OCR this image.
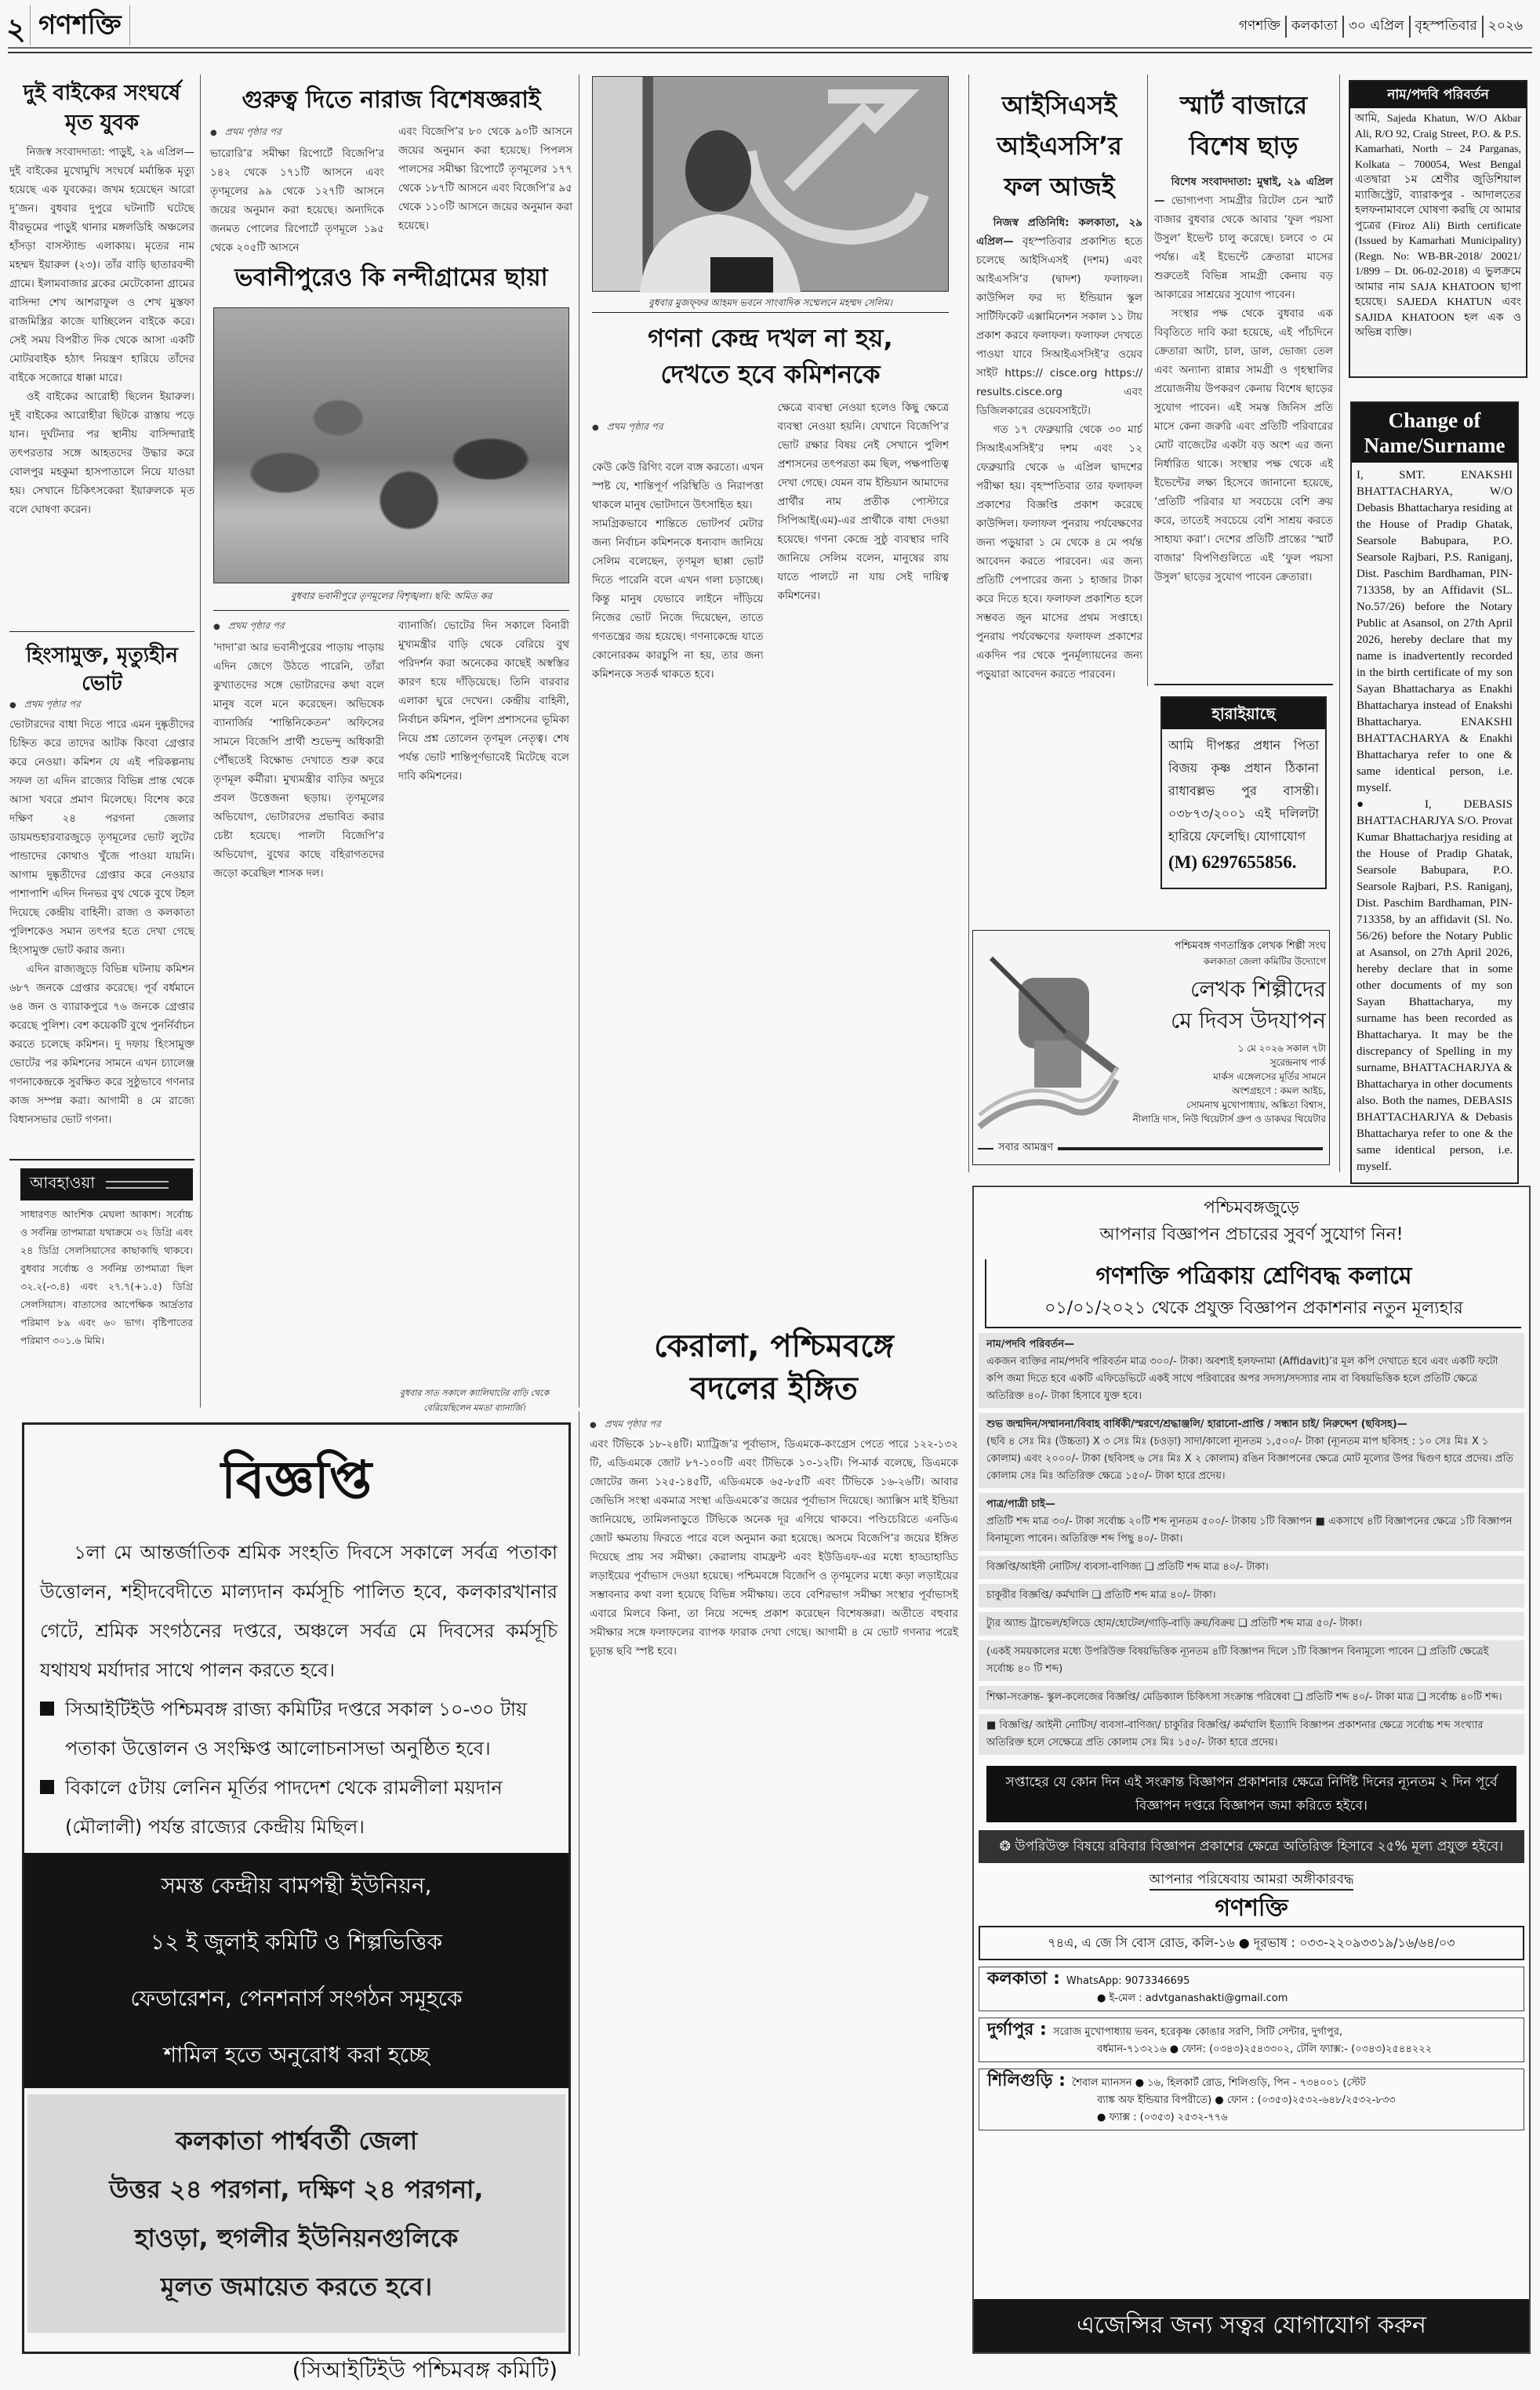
২ গণশক্তি	গণশক্তি কলকাতা ৩০ এপ্রিল বৃহস্পতিবার ২০২৬
দুই বাইকের সংঘর্ষে মৃত যুবক

নিজস্ব সংবাদদাতা: পাড়ুই, ২৯ এপ্রিল— দুই বাইকের মুখোমুখি সংঘর্ষে মর্মান্তিক মৃত্যু হয়েছে এক যুবকের। জখম হয়েছেন আরো দু’জন। বুধবার দুপুরে ঘটনাটি ঘটেছে বীরভূমের পাড়ুই থানার মঙ্গলডিহি অঞ্চলের হাঁসড়া বাসস্ট্যান্ড এলাকায়। মৃতের নাম মহম্মদ ইয়ারুল (২৩)। তাঁর বাড়ি ছাতারবন্দী গ্রামে। ইলামবাজার ব্লকের মেটেকোনা গ্রামের বাসিন্দা শেখ আশরাফুল ও শেখ মুস্তফা রাজমিস্ত্রির কাজে যাচ্ছিলেন বাইকে করে। সেই সময় বিপরীত দিক থেকে আসা একটি মোটরবাইক হঠাৎ নিয়ন্ত্রণ হারিয়ে তাঁদের বাইকে সজোরে ধাক্কা মারে।

ওই বাইকের আরোহী ছিলেন ইয়ারুল। দুই বাইকের আরোহীরা ছিটকে রাস্তায় পড়ে যান। দুর্ঘটনার পর স্থানীয় বাসিন্দারাই তৎপরতার সঙ্গে আহতদের উদ্ধার করে বোলপুর মহকুমা হাসপাতালে নিয়ে যাওয়া হয়। সেখানে চিকিৎসকেরা ইয়ারুলকে মৃত বলে ঘোষণা করেন।

হিংসামুক্ত, মৃত্যুহীন ভোট
● প্রথম পৃষ্ঠার পর

ভোটারদের বাধা দিতে পারে এমন দুষ্কৃতীদের চিহ্নিত করে তাদের আটক কিংবা গ্রেপ্তার করে নেওয়া। কমিশন যে এই পরিকল্পনায় সফল তা এদিন রাজ্যের বিভিন্ন প্রান্ত থেকে আসা খবরে প্রমাণ মিলেছে। বিশেষ করে দক্ষিণ ২৪ পরগনা জেলার ডায়মন্ডহারবারজুড়ে তৃণমূলের ভোট লুটের পান্ডাদের কোথাও খুঁজে পাওয়া যায়নি। আগাম দুষ্কৃতীদের গ্রেপ্তার করে নেওয়ার পাশাপাশি এদিন দিনভর বুথ থেকে বুথে টহল দিয়েছে কেন্দ্রীয় বাহিনী। রাজ্য ও কলকাতা পুলিশকেও সমান তৎপর হতে দেখা গেছে হিংসামুক্ত ভোট করার জন্য।

এদিন রাজ্যজুড়ে বিভিন্ন ঘটনায় কমিশন ৬৮৭ জনকে গ্রেপ্তার করেছে। পূর্ব বর্ধমানে ৬৪ জন ও ব্যারাকপুরে ৭৬ জনকে গ্রেপ্তার করেছে পুলিশ। বেশ কয়েকটি বুথে পুনর্নির্বাচন করতে চলেছে কমিশন। দু দফায় হিংসামুক্ত ভোটের পর কমিশনের সামনে এখন চ্যালেঞ্জ গণনাকেন্দ্রকে সুরক্ষিত করে সুষ্ঠুভাবে গণনার কাজ সম্পন্ন করা। আগামী ৪ মে রাজ্যে বিধানসভার ভোট গণনা।

আবহাওয়া
সাধারণত আংশিক মেঘলা আকাশ। সর্বোচ্চ ও সর্বনিম্ন তাপমাত্রা যথাক্রমে ৩২ ডিগ্রি এবং ২৪ ডিগ্রি সেলসিয়াসের কাছাকাছি থাকবে। বুধবার সর্বোচ্চ ও সর্বনিম্ন তাপমাত্রা ছিল ৩২.২(-৩.৪) এবং ২৭.৭(+১.৫) ডিগ্রি সেলসিয়াস। বাতাসের আপেক্ষিক আর্দ্রতার পরিমাণ ৮৯ এবং ৬০ ভাগ। বৃষ্টিপাতের পরিমাণ ৩০১.৬ মিমি।
গুরুত্ব দিতে নারাজ বিশেষজ্ঞরাই
● প্রথম পৃষ্ঠার পর
ভারোরি’র সমীক্ষা রিপোর্টে বিজেপি’র ১৪২ থেকে ১৭১টি আসনে এবং তৃণমূলের ৯৯ থেকে ১২৭টি আসনে জয়ের অনুমান করা হয়েছে। অন্যদিকে জনমত পোলের রিপোর্টে তৃণমূলে ১৯৫ থেকে ২০৫টি আসনে
এবং বিজেপি’র ৮০ থেকে ৯০টি আসনে জয়ের অনুমান করা হয়েছে। পিপলস পালসের সমীক্ষা রিপোর্টে তৃণমূলের ১৭৭ থেকে ১৮৭টি আসনে এবং বিজেপি’র ৯৫ থেকে ১১০টি আসনে জয়ের অনুমান করা হয়েছে।
ভবানীপুরেও কি নন্দীগ্রামের ছায়া
বুধবার ভবানীপুরে তৃণমূলের বিশৃঙ্খলা। ছবি: অমিত কর
● প্রথম পৃষ্ঠার পর
‘দাদা’রা আর ভবানীপুরের পাড়ায় পাড়ায় এদিন জেগে উঠতে পারেনি, তাঁরা কুখ্যাতদের সঙ্গে ভোটারদের কথা বলে মানুষ বলে মনে করেছেন। অভিষেক ব্যানার্জির ‘শান্তিনিকেতন’ অফিসের সামনে বিজেপি প্রার্থী শুভেন্দু অধিকারী পৌঁছতেই বিক্ষোভ দেখাতে শুরু করে তৃণমূল কর্মীরা। মুখ্যমন্ত্রীর বাড়ির অদূরে প্রবল উত্তেজনা ছড়ায়। তৃণমূলের অভিযোগ, ভোটারদের প্রভাবিত করার চেষ্টা হয়েছে। পালটা বিজেপি’র অভিযোগ, বুথের কাছে বহিরাগতদের জড়ো করেছিল শাসক দল।
ব্যানার্জি। ভোটের দিন সকালে বিনারী মুখ্যমন্ত্রীর বাড়ি থেকে বেরিয়ে বুথ পরিদর্শন করা অনেকের কাছেই অস্বস্তির কারণ হয়ে দাঁড়িয়েছে। তিনি বারবার এলাকা ঘুরে দেখেন। কেন্দ্রীয় বাহিনী, নির্বাচন কমিশন, পুলিশ প্রশাসনের ভূমিকা নিয়ে প্রশ্ন তোলেন তৃণমূল নেতৃত্ব। শেষ পর্যন্ত ভোট শান্তিপূর্ণভাবেই মিটেছে বলে দাবি কমিশনের।
বুধবার সাত সকালে ক্যালিঘাটের বাড়ি থেকে বেরিয়েছিলেন মমতা ব্যানার্জি।
বুধবার মুজফ্‌ফর আহমদ ভবনে সাংবাদিক সম্মেলনে মহম্মদ সেলিম।
গণনা কেন্দ্র দখল না হয়,
দেখতে হবে কমিশনকে

● প্রথম পৃষ্ঠার পর

কেউ কেউ রিগিং বলে ব্যঙ্গ করতো। এখন স্পষ্ট যে, শান্তিপূর্ণ পরিস্থিতি ও নিরাপত্তা থাকলে মানুষ ভোটদানে উৎসাহিত হয়।
সামগ্রিকভাবে শান্তিতে ভোটপর্ব মেটার জন্য নির্বাচন কমিশনকে ধন্যবাদ জানিয়ে সেলিম বলেছেন, তৃণমূল ছাপ্পা ভোট দিতে পারেনি বলে এখন গলা চড়াচ্ছে। কিন্তু মানুষ যেভাবে লাইনে দাঁড়িয়ে নিজের ভোট নিজে দিয়েছেন, তাতে গণতন্ত্রের জয় হয়েছে। গণনাকেন্দ্রে যাতে কোনোরকম কারচুপি না হয়, তার জন্য কমিশনকে সতর্ক থাকতে হবে।

ক্ষেত্রে ব্যবস্থা নেওয়া হলেও কিছু ক্ষেত্রে ব্যবস্থা নেওয়া হয়নি। যেখানে বিজেপি’র ভোট রক্ষার বিষয় নেই সেখানে পুলিশ প্রশাসনের তৎপরতা কম ছিল, পক্ষপাতিত্ব দেখা গেছে। যেমন বাম ইন্ডিয়ান আমাদের প্রার্থীর নাম প্রতীক পোস্টারে সিপিআই(এম)-এর প্রার্থীকে বাধা দেওয়া হয়েছে। গণনা কেন্দ্রে সুষ্ঠু ব্যবস্থার দাবি জানিয়ে সেলিম বলেন, মানুষের রায় যাতে পালটে না যায় সেই দায়িত্ব কমিশনের।
কেরালা, পশ্চিমবঙ্গে
বদলের ইঙ্গিত
● প্রথম পৃষ্ঠার পর
এবং টিভিকে ১৮-২৪টি। ম্যাট্রিজ’র পূর্বাভাস, ডিএমকে-কংগ্রেস পেতে পারে ১২২-১৩২ টি, এডিএমকে জোট ৮৭-১০০টি এবং টিভিকে ১০-১২টি। পি-মার্ক বলেছে, ডিএমকে জোটের জন্য ১২৫-১৪৫টি, এডিএমকে ৬৫-৮৫টি এবং টিভিকে ১৬-২৬টি। আবার জেভিসি সংস্থা একমাত্র সংস্থা এডিএমকে’র জয়ের পূর্বাভাস দিয়েছে। অ্যাক্সিস মাই ইন্ডিয়া জানিয়েছে, তামিলনাড়ুতে টিভিকে অনেক দূর এগিয়ে থাকবে। পণ্ডিচেরিতে এনডিএ জোট ক্ষমতায় ফিরতে পারে বলে অনুমান করা হয়েছে। অসমে বিজেপি’র জয়ের ইঙ্গিত দিয়েছে প্রায় সব সমীক্ষা। কেরালায় বামফ্রন্ট এবং ইউডিএফ-এর মধ্যে হাড্ডাহাড্ডি লড়াইয়ের পূর্বাভাস দেওয়া হয়েছে। পশ্চিমবঙ্গে বিজেপি ও তৃণমূলের মধ্যে কড়া লড়াইয়ের সম্ভাবনার কথা বলা হয়েছে বিভিন্ন সমীক্ষায়। তবে বেশিরভাগ সমীক্ষা সংস্থার পূর্বাভাসই এবারে মিলবে কিনা, তা নিয়ে সন্দেহ প্রকাশ করেছেন বিশেষজ্ঞরা। অতীতে বহুবার সমীক্ষার সঙ্গে ফলাফলের ব্যাপক ফারাক দেখা গেছে। আগামী ৪ মে ভোট গণনার পরেই চূড়ান্ত ছবি স্পষ্ট হবে।
আইসিএসই আইএসসি’র ফল আজই

নিজস্ব প্রতিনিধি: কলকাতা, ২৯ এপ্রিল— বৃহস্পতিবার প্রকাশিত হতে চলেছে আইসিএসই (দশম) এবং আইএসসি’র (দ্বাদশ) ফলাফল। কাউন্সিল ফর দ্য ইন্ডিয়ান স্কুল সার্টিফিকেট এক্সামিনেশন সকাল ১১ টায় প্রকাশ করবে ফলাফল। ফলাফল দেখতে পাওয়া যাবে সিআইএসসিই’র ওয়েব সাইট https:// cisce.org https:// results.cisce.org এবং ডিজিলকারের ওয়েবসাইটে।

গত ১৭ ফেব্রুয়ারি থেকে ৩০ মার্চ সিআইএসসিই’র দশম এবং ১২ ফেব্রুয়ারি থেকে ৬ এপ্রিল দ্বাদশের পরীক্ষা হয়। বৃহস্পতিবার তার ফলাফল প্রকাশের বিজ্ঞপ্তি প্রকাশ করেছে কাউন্সিল। ফলাফল পুনরায় পর্যবেক্ষণের জন্য পড়ুয়ারা ১ মে থেকে ৪ মে পর্যন্ত আবেদন করতে পারবেন। এর জন্য প্রতিটি পেপারের জন্য ১ হাজার টাকা করে দিতে হবে। ফলাফল প্রকাশিত হলে সম্ভবত জুন মাসের প্রথম সপ্তাহে। পুনরায় পর্যবেক্ষণের ফলাফল প্রকাশের একদিন পর থেকে পুনর্মূল্যায়নের জন্য পড়ুয়ারা আবেদন করতে পারবেন।

স্মার্ট বাজারে বিশেষ ছাড়

বিশেষ সংবাদদাতা: মুম্বাই, ২৯ এপ্রিল— ভোগ্যপণ্য সামগ্রীর রিটেল চেন স্মার্ট বাজার বুধবার থেকে আবার ‘ফুল পয়সা উসুল’ ইভেন্ট চালু করেছে। চলবে ৩ মে পর্যন্ত। এই ইভেন্টে ক্রেতারা মাসের শুরুতেই বিভিন্ন সামগ্রী কেনায় বড় আকারের সাশ্রয়ের সুযোগ পাবেন।

সংস্থার পক্ষ থেকে বুধবার এক বিবৃতিতে দাবি করা হয়েছে, এই পাঁচদিনে ক্রেতারা আটা, চাল, ডাল, ভোজ্য তেল এবং অন্যান্য রান্নার সামগ্রী ও গৃহস্থালির প্রয়োজনীয় উপকরণ কেনায় বিশেষ ছাড়ের সুযোগ পাবেন। এই সমস্ত জিনিস প্রতি মাসে কেনা জরুরি এবং প্রতিটি পরিবারের মোট বাজেটের একটা বড় অংশ এর জন্য নির্ধারিত থাকে। সংস্থার পক্ষ থেকে এই ইভেন্টের লক্ষ্য হিসেবে জানানো হয়েছে, ‘প্রতিটি পরিবার যা সবচেয়ে বেশি ক্রয় করে, তাতেই সবচেয়ে বেশি সাশ্রয় করতে সাহায্য করা’। দেশের প্রতিটি প্রান্তের ‘স্মার্ট বাজার’ বিপণিগুলিতে এই ‘ফুল পয়সা উসুল’ ছাড়ের সুযোগ পাবেন ক্রেতারা।

হারাইয়াছে
আমি দীপঙ্কর প্রধান পিতা বিজয় কৃষ্ণ প্রধান ঠিকানা রাধাবল্লভ পুর বাসন্তী। ০৩৮৭৩/২০০১ এই দলিলটা হারিয়ে ফেলেছি। যোগাযোগ
(M) 6297655856.
পশ্চিমবঙ্গ গণতান্ত্রিক লেখক শিল্পী সংঘ
কলকাতা জেলা কমিটির উদ্যোগে
লেখক শিল্পীদের
মে দিবস উদযাপন
১ মে ২০২৬ সকাল ৭টা
সুরেন্দ্রনাথ পার্ক
মার্কস এঙ্গেলসের মূর্তির সামনে
অংশগ্রহণে : কমল আইচ,
সোমনাথ মুখোপাধ্যায়, অঙ্কিতা বিশ্বাস,
নীলাদ্রি দাস, নিউ থিয়েটার্স গ্রুপ ও ডাকঘর থিয়েটার
সবার আমন্ত্রণ
নাম/পদবি পরিবর্তন
আমি, Sajeda Khatun, W/O Akbar Ali, R/O 92, Craig Street, P.O. & P.S. Kamarhati, North – 24 Parganas, Kolkata – 700054, West Bengal এতদ্বারা ১ম শ্রেণীর জুডিশিয়াল ম্যাজিস্ট্রেট, ব্যারাকপুর - আদালতের হলফনামাবলে ঘোষণা করছি যে আমার পুত্রের (Firoz Ali) Birth certificate (Issued by Kamarhati Municipality) (Regn. No: WB-BR-2018/ 20021/ 1/899 – Dt. 06-02-2018) এ ভুলক্রমে আমার নাম SAJA KHATOON ছাপা হয়েছে। SAJEDA KHATUN এবং SAJIDA KHATOON হল এক ও অভিন্ন ব্যক্তি।
Change of Name/Surname
I, SMT. ENAKSHI BHATTACHARYA, W/O Debasis Bhattacharya residing at the House of Pradip Ghatak, Searsole Babupara, P.O. Searsole Rajbari, P.S. Raniganj, Dist. Paschim Bardhaman, PIN-713358, by an Affidavit (SL. No.57/26) before the Notary Public at Asansol, on 27th April 2026, hereby declare that my name is inadvertently recorded in the birth certificate of my son Sayan Bhattacharya as Enakhi Bhattacharya instead of Enakshi Bhattacharya. ENAKSHI BHATTACHARYA & Enakhi Bhattacharya refer to one & same identical person, i.e. myself.
● I, DEBASIS BHATTACHARJYA S/O. Provat Kumar Bhattacharjya residing at the House of Pradip Ghatak, Searsole Babupara, P.O. Searsole Rajbari, P.S. Raniganj, Dist. Paschim Bardhaman, PIN-713358, by an affidavit (Sl. No. 56/26) before the Notary Public at Asansol, on 27th April 2026, hereby declare that in some other documents of my son Sayan Bhattacharya, my surname has been recorded as Bhattacharya. It may be the discrepancy of Spelling in my surname, BHATTACHARJYA & Bhattacharya in other documents also. Both the names, DEBASIS BHATTACHARJYA & Debasis Bhattacharya refer to one & the same identical person, i.e. myself.
পশ্চিমবঙ্গজুড়ে
আপনার বিজ্ঞাপন প্রচারের সুবর্ণ সুযোগ নিন!
গণশক্তি পত্রিকায় শ্রেণিবদ্ধ কলামে
০১/০১/২০২১ থেকে প্রযুক্ত বিজ্ঞাপন প্রকাশনার নতুন মূল্যহার
নাম/পদবি পরিবর্তন—
একজন ব্যক্তির নাম/পদবি পরিবর্তন মাত্র ৩০০/- টাকা। অবশ্যই হলফনামা (Affidavit)’র মূল কপি দেখাতে হবে এবং একটি ফটো কপি জমা দিতে হবে একটি এফিডেভিটে একই সাথে পরিবারের অপর সদস্য/সদস্যার নাম বা বিষয়ভিত্তিক হলে প্রতিটি ক্ষেত্রে অতিরিক্ত ৪০/- টাকা হিসাবে যুক্ত হবে।
শুভ জন্মদিন/সম্মাননা/বিবাহ বার্ষিকী/স্মরণে/শ্রদ্ধাঞ্জলি/ হারানো-প্রাপ্তি / সন্ধান চাই/ নিরুদ্দেশ (ছবিসহ)—
(ছবি ৪ সেঃ মিঃ (উচ্চতা) X ৩ সেঃ মিঃ (চওড়া) সাদা/কালো ন্যূনতম ১,৫০০/- টাকা (ন্যূনতম মাপ ছবিসহ : ১০ সেঃ মিঃ X ১ কোলাম) এবং ২০০০/- টাকা (ছবিসহ ৬ সেঃ মিঃ X ২ কোলাম) রঙিন বিজ্ঞাপনের ক্ষেত্রে মোট মূল্যের উপর দ্বিগুণ হারে প্রদেয়। প্রতি কোলাম সেঃ মিঃ অতিরিক্ত ক্ষেত্রে ১৫০/- টাকা হারে প্রদেয়।
পাত্র/পাত্রী চাই—
প্রতিটি শব্দ মাত্র ৩০/- টাকা সর্বোচ্চ ২০টি শব্দ ন্যূনতম ৫০০/- টাকায় ১টি বিজ্ঞাপন ■ একসাথে ৪টি বিজ্ঞাপনের ক্ষেত্রে ১টি বিজ্ঞাপন বিনামূল্যে পাবেন। অতিরিক্ত শব্দ পিছু ৪০/- টাকা।
বিজ্ঞপ্তি/আইনী নোটিস/ ব্যবসা-বাণিজ্য ❑ প্রতিটি শব্দ মাত্র ৪০/- টাকা।
চাকুরীর বিজ্ঞপ্তি/ কর্মখালি ❑ প্রতিটি শব্দ মাত্র ৪০/- টাকা।
ট্যুর অ্যান্ড ট্রাভেল/হলিডে হোম/হোটেল/গাড়ি-বাড়ি ক্রয়/বিক্রয় ❑ প্রতিটি শব্দ মাত্র ৫০/- টাকা।
(একই সময়কালের মধ্যে উপরিউক্ত বিষয়ভিত্তিক ন্যূনতম ৪টি বিজ্ঞাপন দিলে ১টি বিজ্ঞাপন বিনামূল্যে পাবেন ❑ প্রতিটি ক্ষেত্রেই সর্বোচ্চ ৪০ টি শব্দ)
শিক্ষা-সংক্রান্ত- স্কুল-কলেজের বিজ্ঞপ্তি/ মেডিক্যাল চিকিৎসা সংক্রান্ত পরিষেবা ❑ প্রতিটি শব্দ ৪০/- টাকা মাত্র ❑ সর্বোচ্চ ৪০টি শব্দ।
■ বিজ্ঞপ্তি/ আইনী নোটিস/ ব্যবসা-বাণিজ্য/ চাকুরির বিজ্ঞপ্তি/ কর্মখালি ইত্যাদি বিজ্ঞাপন প্রকাশনার ক্ষেত্রে সর্বোচ্চ শব্দ সংখ্যার অতিরিক্ত হলে সেক্ষেত্রে প্রতি কোলাম সেঃ মিঃ ১৫০/- টাকা হারে প্রদেয়।
সপ্তাহের যে কোন দিন এই সংক্রান্ত বিজ্ঞাপন প্রকাশনার ক্ষেত্রে নির্দিষ্ট দিনের ন্যূনতম ২ দিন পূর্বে বিজ্ঞাপন দপ্তরে বিজ্ঞাপন জমা করিতে হইবে।
❂ উপরিউক্ত বিষয়ে রবিবার বিজ্ঞাপন প্রকাশের ক্ষেত্রে অতিরিক্ত হিসাবে ২৫% মূল্য প্রযুক্ত হইবে।
আপনার পরিষেবায় আমরা অঙ্গীকারবদ্ধ
গণশক্তি
৭৪এ, এ জে সি বোস রোড, কলি-১৬ ● দূরভাষ : ০৩৩-২২০৯৩৩১৯/১৬/৬৪/০৩
কলকাতা : WhatsApp: 9073346695
● ই-মেল : advtganashakti@gmail.com
দুর্গাপুর : সরোজ মুখোপাধ্যায় ভবন, হরেকৃষ্ণ কোঙার সরণি, সিটি সেন্টার, দুর্গাপুর,
বর্ধমান-৭১৩২১৬ ● ফোন: (০৩৪৩)২৫৪৩৩০২, টেলি ফ্যাক্স:- (০৩৪৩)২৫৪৪২২২
শিলিগুড়ি : শৈবাল ম্যানসন ● ১৬, হিলকার্ট রোড, শিলিগুড়ি, পিন - ৭৩৪০০১ (স্টেট
ব্যাঙ্ক অফ ইন্ডিয়ার বিপরীতে) ● ফোন : (০৩৫৩)২৫৩২-৬৪৮/২৫৩২-৮৩৩
● ফ্যাক্স : (০৩৫৩) ২৫৩২-৭৭৬
এজেন্সির জন্য সত্বর যোগাযোগ করুন
বিজ্ঞপ্তি
১লা মে আন্তর্জাতিক শ্রমিক সংহতি দিবসে সকালে সর্বত্র পতাকা উত্তোলন, শহীদবেদীতে মাল্যদান কর্মসূচি পালিত হবে, কলকারখানার গেটে, শ্রমিক সংগঠনের দপ্তরে, অঞ্চলে সর্বত্র মে দিবসের কর্মসূচি যথাযথ মর্যাদার সাথে পালন করতে হবে।
সিআইটিইউ পশ্চিমবঙ্গ রাজ্য কমিটির দপ্তরে সকাল ১০-৩০ টায় পতাকা উত্তোলন ও সংক্ষিপ্ত আলোচনাসভা অনুষ্ঠিত হবে।
বিকালে ৫টায় লেনিন মূর্তির পাদদেশ থেকে রামলীলা ময়দান (মৌলালী) পর্যন্ত রাজ্যের কেন্দ্রীয় মিছিল।
সমস্ত কেন্দ্রীয় বামপন্থী ইউনিয়ন,
১২ ই জুলাই কমিটি ও শিল্পভিত্তিক
ফেডারেশন, পেনশনার্স সংগঠন সমূহকে
শামিল হতে অনুরোধ করা হচ্ছে
কলকাতা পার্শ্ববর্তী জেলা
উত্তর ২৪ পরগনা, দক্ষিণ ২৪ পরগনা,
হাওড়া, হুগলীর ইউনিয়নগুলিকে
মূলত জমায়েত করতে হবে।
(সিআইটিইউ পশ্চিমবঙ্গ কমিটি)
